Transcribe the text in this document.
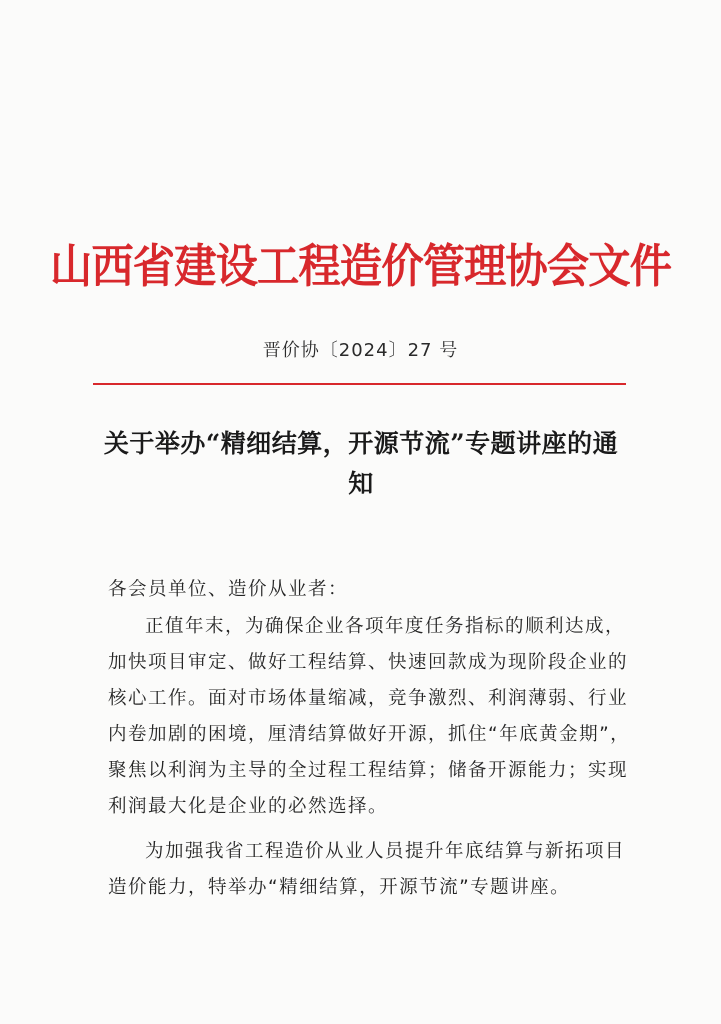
山西省建设工程造价管理协会文件
晋价协〔2024〕27 号
关于举办“精细结算，开源节流”专题讲座的通知

各会员单位、造价从业者：

正值年末，为确保企业各项年度任务指标的顺利达成，加快项目审定、做好工程结算、快速回款成为现阶段企业的核心工作。面对市场体量缩减，竞争激烈、利润薄弱、行业内卷加剧的困境，厘清结算做好开源，抓住“年底黄金期”，聚焦以利润为主导的全过程工程结算；储备开源能力；实现利润最大化是企业的必然选择。

为加强我省工程造价从业人员提升年底结算与新拓项目造价能力，特举办“精细结算，开源节流”专题讲座。
